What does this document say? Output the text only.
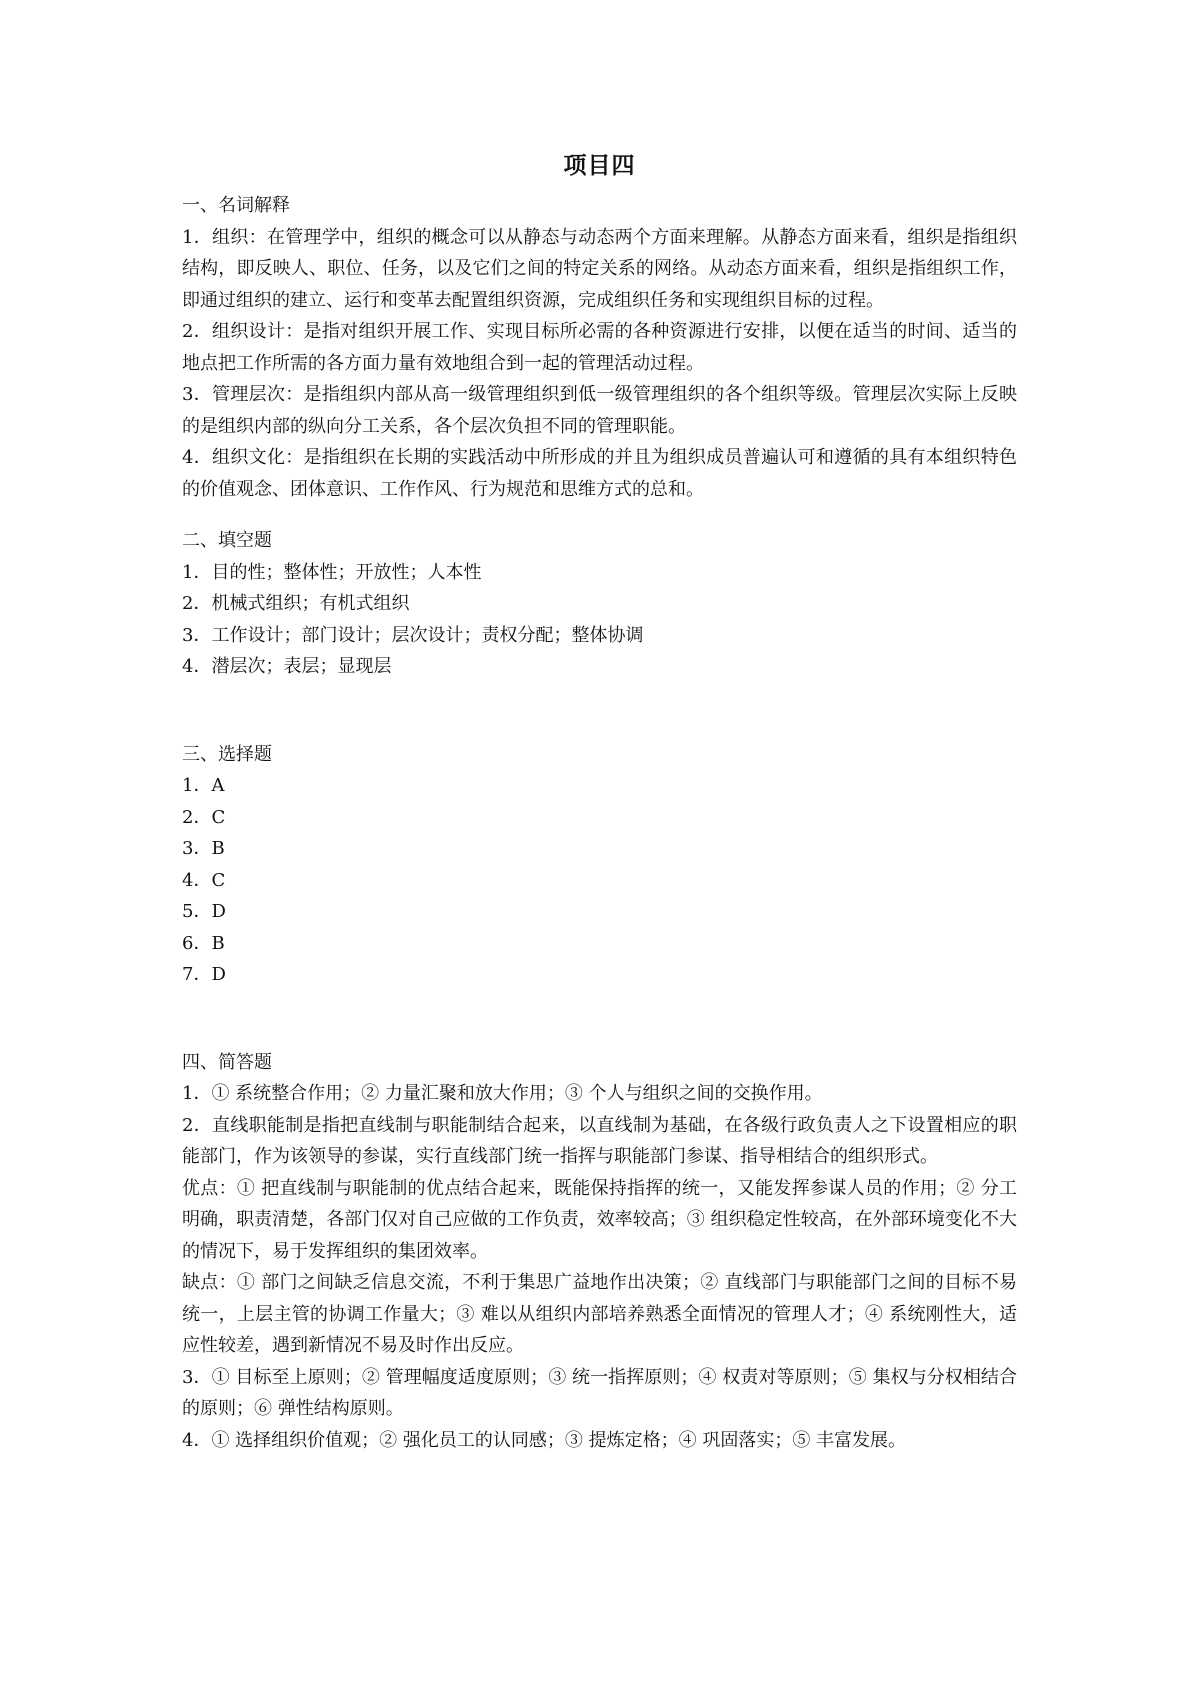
项目四

一、名词解释

1．组织：在管理学中，组织的概念可以从静态与动态两个方面来理解。从静态方面来看，组织是指组织结构，即反映人、职位、任务，以及它们之间的特定关系的网络。从动态方面来看，组织是指组织工作，即通过组织的建立、运行和变革去配置组织资源，完成组织任务和实现组织目标的过程。

2．组织设计：是指对组织开展工作、实现目标所必需的各种资源进行安排，以便在适当的时间、适当的地点把工作所需的各方面力量有效地组合到一起的管理活动过程。

3．管理层次：是指组织内部从高一级管理组织到低一级管理组织的各个组织等级。管理层次实际上反映的是组织内部的纵向分工关系，各个层次负担不同的管理职能。

4．组织文化：是指组织在长期的实践活动中所形成的并且为组织成员普遍认可和遵循的具有本组织特色的价值观念、团体意识、工作作风、行为规范和思维方式的总和。

二、填空题

1．目的性；整体性；开放性；人本性

2．机械式组织；有机式组织

3．工作设计；部门设计；层次设计；责权分配；整体协调

4．潜层次；表层；显现层

三、选择题

1．A

2．C

3．B

4．C

5．D

6．B

7．D

四、简答题

1．① 系统整合作用；② 力量汇聚和放大作用；③ 个人与组织之间的交换作用。

2．直线职能制是指把直线制与职能制结合起来，以直线制为基础，在各级行政负责人之下设置相应的职能部门，作为该领导的参谋，实行直线部门统一指挥与职能部门参谋、指导相结合的组织形式。

优点：① 把直线制与职能制的优点结合起来，既能保持指挥的统一，又能发挥参谋人员的作用；② 分工明确，职责清楚，各部门仅对自己应做的工作负责，效率较高；③ 组织稳定性较高，在外部环境变化不大的情况下，易于发挥组织的集团效率。

缺点：① 部门之间缺乏信息交流，不利于集思广益地作出决策；② 直线部门与职能部门之间的目标不易统一，上层主管的协调工作量大；③ 难以从组织内部培养熟悉全面情况的管理人才；④ 系统刚性大，适应性较差，遇到新情况不易及时作出反应。

3．① 目标至上原则；② 管理幅度适度原则；③ 统一指挥原则；④ 权责对等原则；⑤ 集权与分权相结合的原则；⑥ 弹性结构原则。

4．① 选择组织价值观；② 强化员工的认同感；③ 提炼定格；④ 巩固落实；⑤ 丰富发展。
